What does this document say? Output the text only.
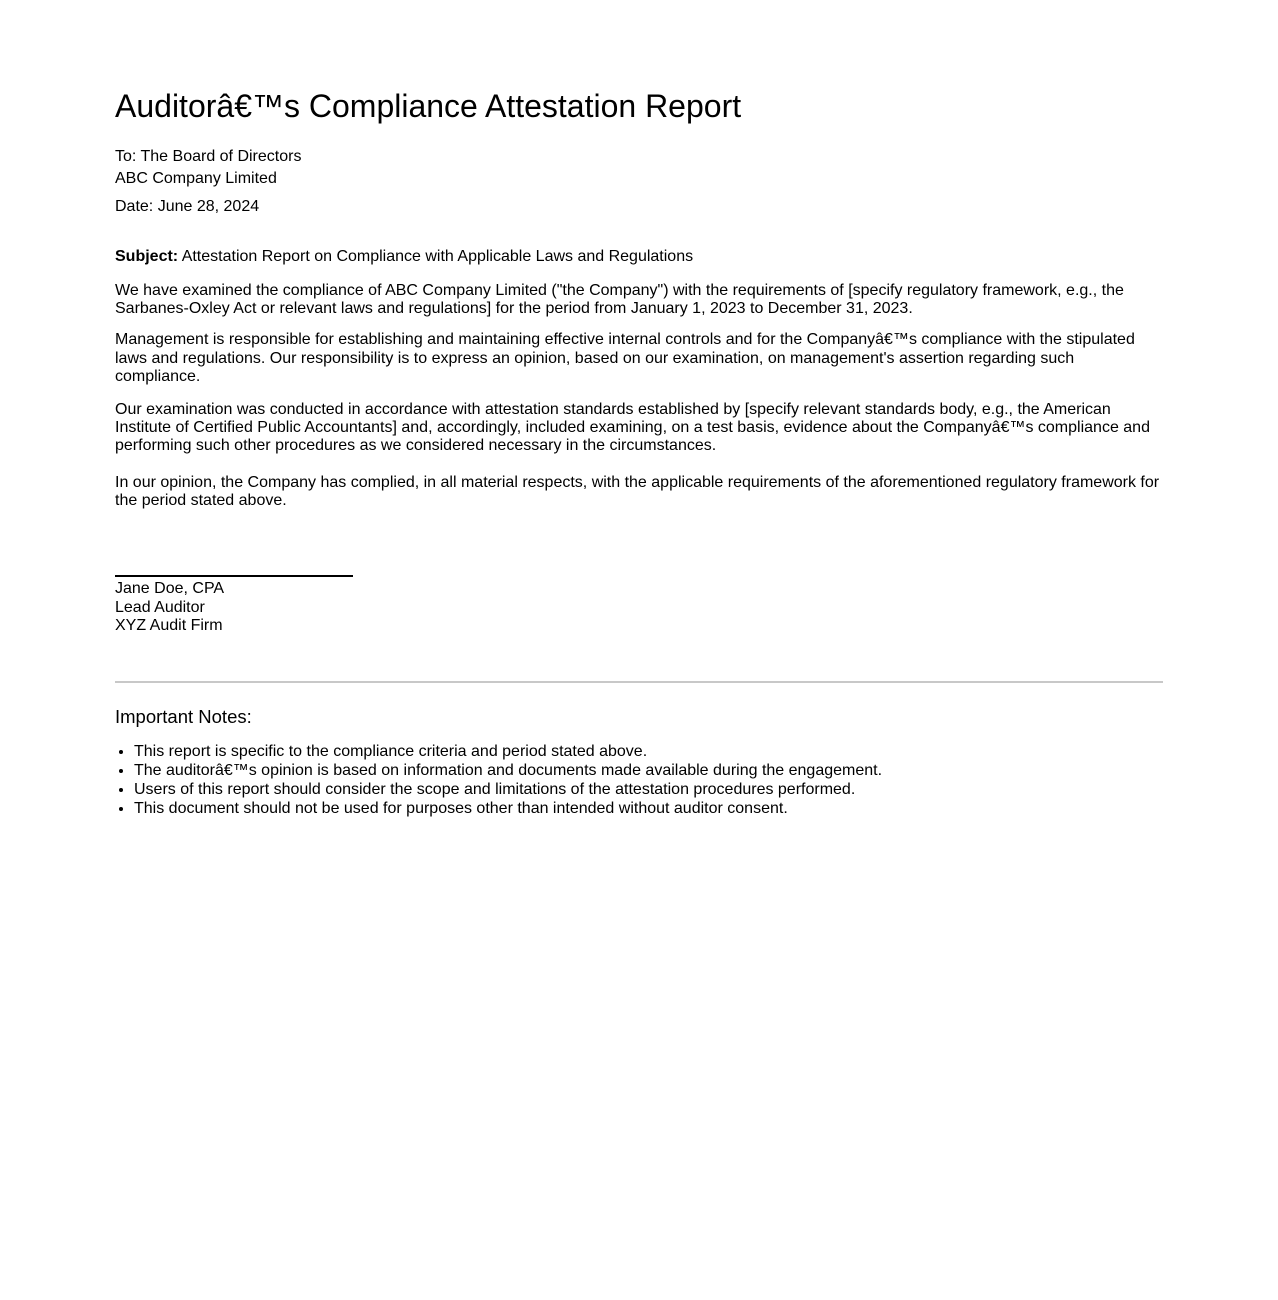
Auditorâ€™s Compliance Attestation Report

To: The Board of Directors
ABC Company Limited

Date: June 28, 2024

Subject: Attestation Report on Compliance with Applicable Laws and Regulations

We have examined the compliance of ABC Company Limited ("the Company") with the requirements of [specify regulatory framework, e.g., the Sarbanes-Oxley Act or relevant laws and regulations] for the period from January 1, 2023 to December 31, 2023.

Management is responsible for establishing and maintaining effective internal controls and for the Companyâ€™s compliance with the stipulated laws and regulations. Our responsibility is to express an opinion, based on our examination, on management's assertion regarding such compliance.

Our examination was conducted in accordance with attestation standards established by [specify relevant standards body, e.g., the American Institute of Certified Public Accountants] and, accordingly, included examining, on a test basis, evidence about the Companyâ€™s compliance and performing such other procedures as we considered necessary in the circumstances.

In our opinion, the Company has complied, in all material respects, with the applicable requirements of the aforementioned regulatory framework for the period stated above.

Jane Doe, CPA
Lead Auditor
XYZ Audit Firm
Important Notes:
• This report is specific to the compliance criteria and period stated above.
• The auditorâ€™s opinion is based on information and documents made available during the engagement.
• Users of this report should consider the scope and limitations of the attestation procedures performed.
• This document should not be used for purposes other than intended without auditor consent.
